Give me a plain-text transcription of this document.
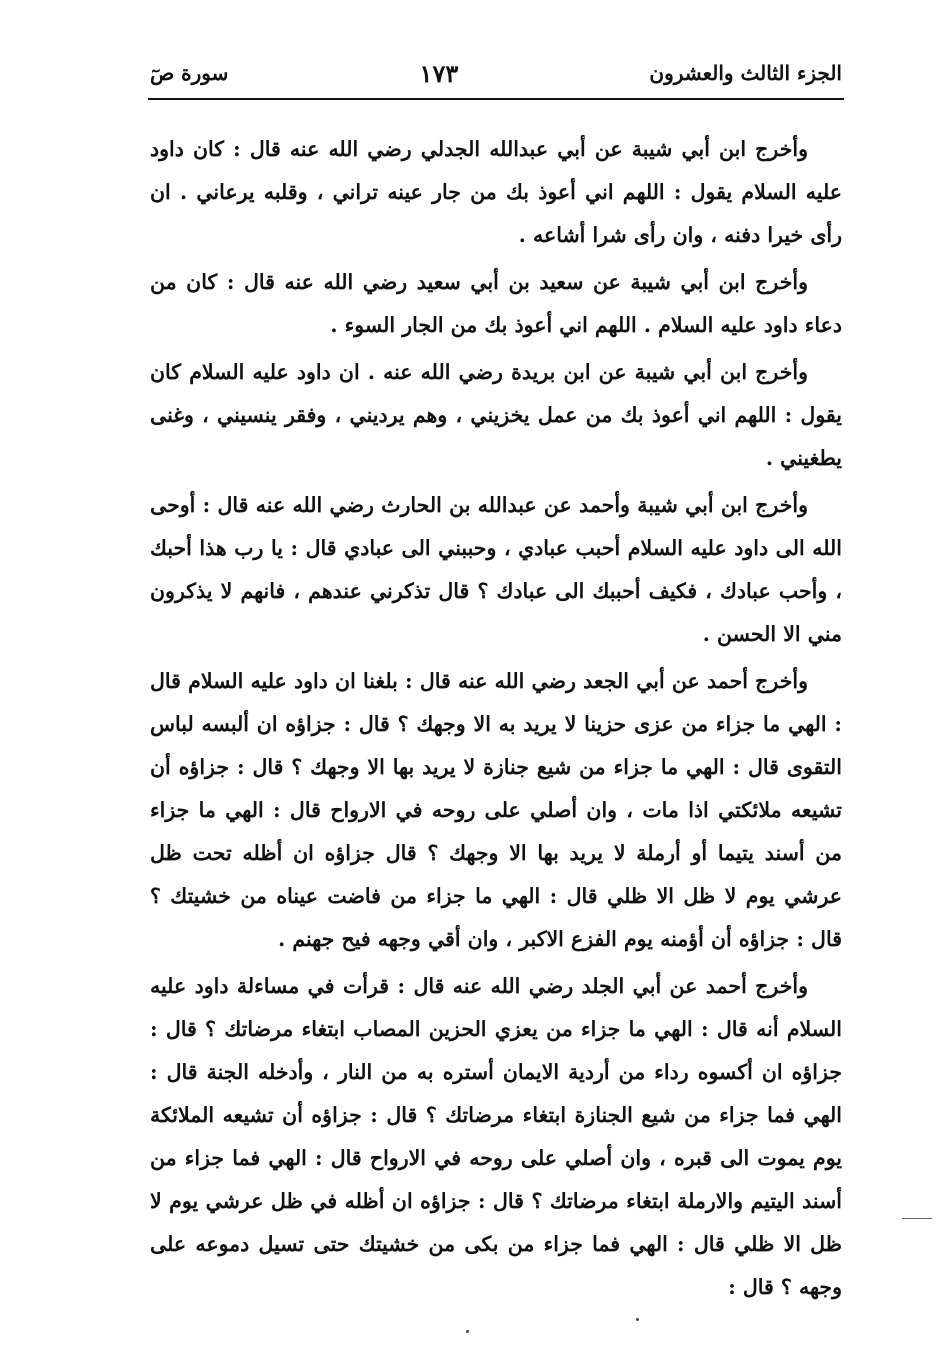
الجزء الثالث والعشرون
١٧٣
سورة صٓ

وأخرج ابن أبي شيبة عن أبي عبدالله الجدلي رضي الله عنه قال : كان داود عليه السلام يقول : اللهم اني أعوذ بك من جار عينه تراني ، وقلبه يرعاني . ان رأى خيرا دفنه ، وان رأى شرا أشاعه .

وأخرج ابن أبي شيبة عن سعيد بن أبي سعيد رضي الله عنه قال : كان من دعاء داود عليه السلام . اللهم اني أعوذ بك من الجار السوء .

وأخرج ابن أبي شيبة عن ابن بريدة رضي الله عنه . ان داود عليه السلام كان يقول : اللهم اني أعوذ بك من عمل يخزيني ، وهم يرديني ، وفقر ينسيني ، وغنى يطغيني .

وأخرج ابن أبي شيبة وأحمد عن عبدالله بن الحارث رضي الله عنه قال : أوحى الله الى داود عليه السلام أحبب عبادي ، وحببني الى عبادي قال : يا رب هذا أحبك ، وأحب عبادك ، فكيف أحببك الى عبادك ؟ قال تذكرني عندهم ، فانهم لا يذكرون مني الا الحسن .

وأخرج أحمد عن أبي الجعد رضي الله عنه قال : بلغنا ان داود عليه السلام قال : الهي ما جزاء من عزى حزينا لا يريد به الا وجهك ؟ قال : جزاؤه ان ألبسه لباس التقوى قال : الهي ما جزاء من شيع جنازة لا يريد بها الا وجهك ؟ قال : جزاؤه أن تشيعه ملائكتي اذا مات ، وان أصلي على روحه في الارواح قال : الهي ما جزاء من أسند يتيما أو أرملة لا يريد بها الا وجهك ؟ قال جزاؤه ان أظله تحت ظل عرشي يوم لا ظل الا ظلي قال : الهي ما جزاء من فاضت عيناه من خشيتك ؟ قال : جزاؤه أن أؤمنه يوم الفزع الاكبر ، وان أقي وجهه فيح جهنم .

وأخرج أحمد عن أبي الجلد رضي الله عنه قال : قرأت في مساءلة داود عليه السلام أنه قال : الهي ما جزاء من يعزي الحزين المصاب ابتغاء مرضاتك ؟ قال : جزاؤه ان أكسوه رداء من أردية الايمان أستره به من النار ، وأدخله الجنة قال : الهي فما جزاء من شيع الجنازة ابتغاء مرضاتك ؟ قال : جزاؤه أن تشيعه الملائكة يوم يموت الى قبره ، وان أصلي على روحه في الارواح قال : الهي فما جزاء من أسند اليتيم والارملة ابتغاء مرضاتك ؟ قال : جزاؤه ان أظله في ظل عرشي يوم لا ظل الا ظلي قال : الهي فما جزاء من بكى من خشيتك حتى تسيل دموعه على وجهه ؟ قال :
